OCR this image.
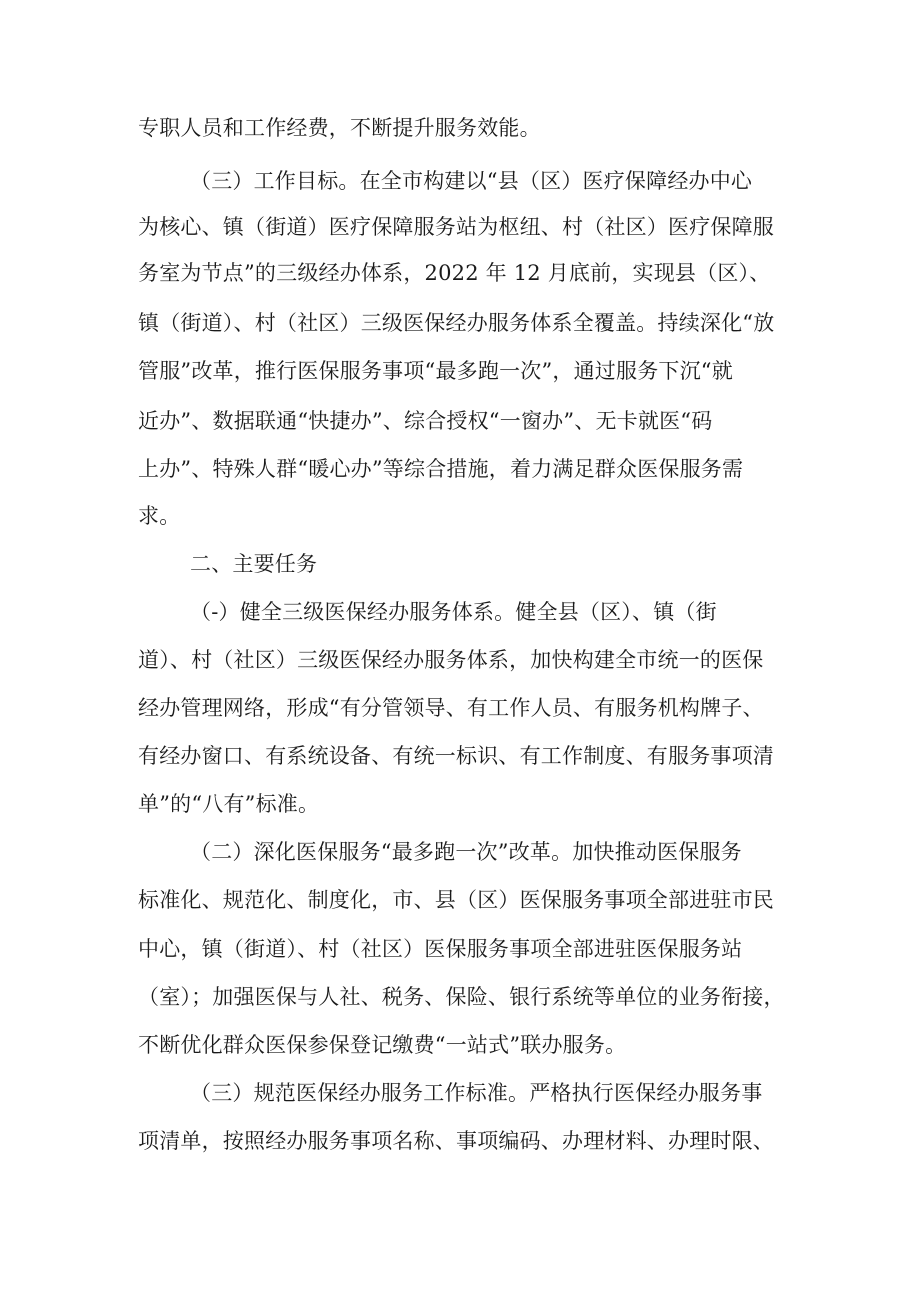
专职人员和工作经费，不断提升服务效能。
（三）工作目标。在全市构建以“县（区）医疗保障经办中心
为核心、镇（街道）医疗保障服务站为枢纽、村（社区）医疗保障服
务室为节点”的三级经办体系，2022 年 12 月底前，实现县（区）、
镇（街道）、村（社区）三级医保经办服务体系全覆盖。持续深化“放
管服”改革，推行医保服务事项“最多跑一次”，通过服务下沉“就
近办”、数据联通“快捷办”、综合授权“一窗办”、无卡就医“码
上办”、特殊人群“暖心办”等综合措施，着力满足群众医保服务需
求。
二、主要任务
（-）健全三级医保经办服务体系。健全县（区）、镇（街
道）、村（社区）三级医保经办服务体系，加快构建全市统一的医保
经办管理网络，形成“有分管领导、有工作人员、有服务机构牌子、
有经办窗口、有系统设备、有统一标识、有工作制度、有服务事项清
单”的“八有”标准。
（二）深化医保服务“最多跑一次”改革。加快推动医保服务
标准化、规范化、制度化，市、县（区）医保服务事项全部进驻市民
中心，镇（街道）、村（社区）医保服务事项全部进驻医保服务站
（室）；加强医保与人社、税务、保险、银行系统等单位的业务衔接，
不断优化群众医保参保登记缴费“一站式”联办服务。
（三）规范医保经办服务工作标准。严格执行医保经办服务事
项清单，按照经办服务事项名称、事项编码、办理材料、办理时限、
